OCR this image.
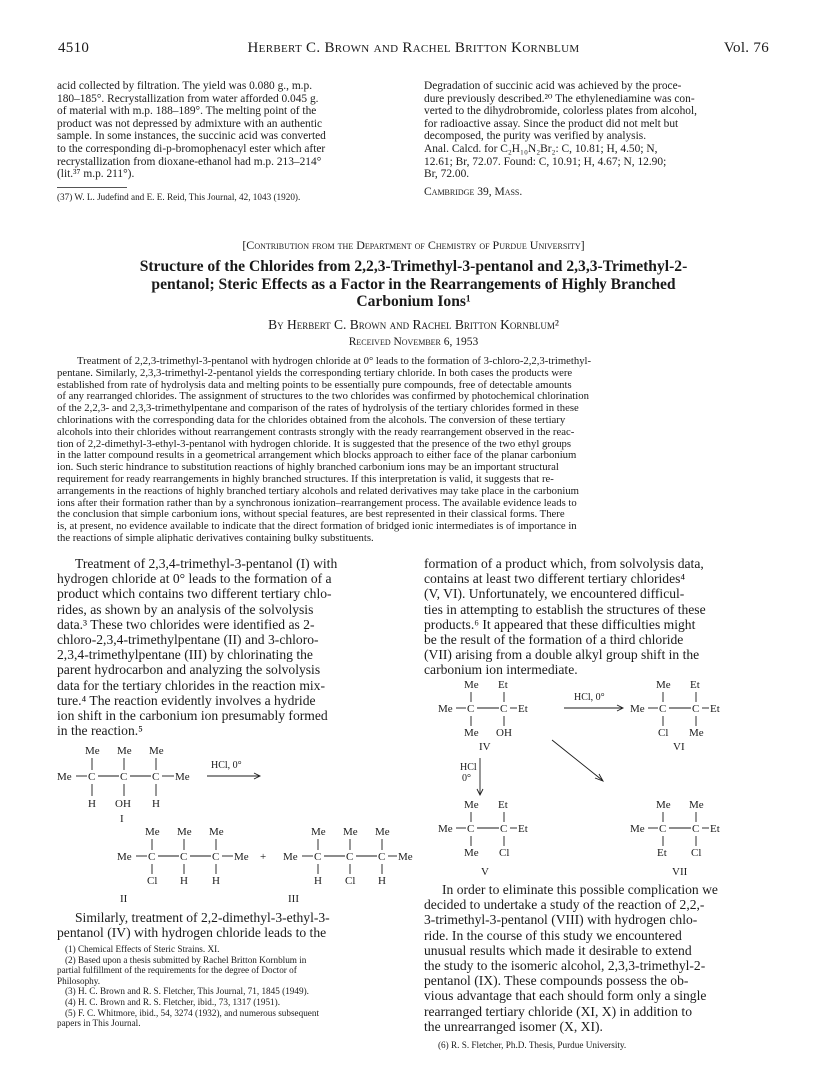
4510	Herbert C. Brown and Rachel Britton Kornblum	Vol. 76
acid collected by filtration. The yield was 0.080 g., m.p.
180–185°. Recrystallization from water afforded 0.045 g.
of material with m.p. 188–189°. The melting point of the
product was not depressed by admixture with an authentic
sample. In some instances, the succinic acid was converted
to the corresponding di-p-bromophenacyl ester which after
recrystallization from dioxane-ethanol had m.p. 213–214°
(lit.³⁷ m.p. 211°).
(37) W. L. Judefind and E. E. Reid, This Journal, 42, 1043 (1920).
Degradation of succinic acid was achieved by the proce-
dure previously described.²⁰ The ethylenediamine was con-
verted to the dihydrobromide, colorless plates from alcohol,
for radioactive assay. Since the product did not melt but
decomposed, the purity was verified by analysis.
Anal. Calcd. for C₂H₁₀N₂Br₂: C, 10.81; H, 4.50; N,
12.61; Br, 72.07. Found: C, 10.91; H, 4.67; N, 12.90;
Br, 72.00.
Cambridge 39, Mass.
[Contribution from the Department of Chemistry of Purdue University]
Structure of the Chlorides from 2,2,3-Trimethyl-3-pentanol and 2,3,3-Trimethyl-2-
pentanol; Steric Effects as a Factor in the Rearrangements of Highly Branched
Carbonium Ions¹
By Herbert C. Brown and Rachel Britton Kornblum²
Received November 6, 1953
Treatment of 2,2,3-trimethyl-3-pentanol with hydrogen chloride at 0° leads to the formation of 3-chloro-2,2,3-trimethyl-
pentane. Similarly, 2,3,3-trimethyl-2-pentanol yields the corresponding tertiary chloride. In both cases the products were
established from rate of hydrolysis data and melting points to be essentially pure compounds, free of detectable amounts
of any rearranged chlorides. The assignment of structures to the two chlorides was confirmed by photochemical chlorination
of the 2,2,3- and 2,3,3-trimethylpentane and comparison of the rates of hydrolysis of the tertiary chlorides formed in these
chlorinations with the corresponding data for the chlorides obtained from the alcohols. The conversion of these tertiary
alcohols into their chlorides without rearrangement contrasts strongly with the ready rearrangement observed in the reac-
tion of 2,2-dimethyl-3-ethyl-3-pentanol with hydrogen chloride. It is suggested that the presence of the two ethyl groups
in the latter compound results in a geometrical arrangement which blocks approach to either face of the planar carbonium
ion. Such steric hindrance to substitution reactions of highly branched carbonium ions may be an important structural
requirement for ready rearrangements in highly branched structures. If this interpretation is valid, it suggests that re-
arrangements in the reactions of highly branched tertiary alcohols and related derivatives may take place in the carbonium
ions after their formation rather than by a synchronous ionization–rearrangement process. The available evidence leads to
the conclusion that simple carbonium ions, without special features, are best represented in their classical forms. There
is, at present, no evidence available to indicate that the direct formation of bridged ionic intermediates is of importance in
the reactions of simple aliphatic derivatives containing bulky substituents.
Treatment of 2,3,4-trimethyl-3-pentanol (I) with
hydrogen chloride at 0° leads to the formation of a
product which contains two different tertiary chlo-
rides, as shown by an analysis of the solvolysis
data.³ These two chlorides were identified as 2-
chloro-2,3,4-trimethylpentane (II) and 3-chloro-
2,3,4-trimethylpentane (III) by chlorinating the
parent hydrocarbon and analyzing the solvolysis
data for the tertiary chlorides in the reaction mix-
ture.⁴ The reaction evidently involves a hydride
ion shift in the carbonium ion presumably formed
in the reaction.⁵
Me Me Me
Me C C C Me
H OH H
I
HCl, 0°
Me Me Me
Me C C C Me
Cl H H
+
Me Me Me
Me C C C Me
H Cl H
II	III
Similarly, treatment of 2,2-dimethyl-3-ethyl-3-
pentanol (IV) with hydrogen chloride leads to the
(1) Chemical Effects of Steric Strains. XI.
(2) Based upon a thesis submitted by Rachel Britton Kornblum in
partial fulfillment of the requirements for the degree of Doctor of
Philosophy.
(3) H. C. Brown and R. S. Fletcher, This Journal, 71, 1845 (1949).
(4) H. C. Brown and R. S. Fletcher, ibid., 73, 1317 (1951).
(5) F. C. Whitmore, ibid., 54, 3274 (1932), and numerous subsequent
papers in This Journal.
formation of a product which, from solvolysis data,
contains at least two different tertiary chlorides⁴
(V, VI). Unfortunately, we encountered difficul-
ties in attempting to establish the structures of these
products.⁶ It appeared that these difficulties might
be the result of the formation of a third chloride
(VII) arising from a double alkyl group shift in the
carbonium ion intermediate.
Me Et
Me C C Et
Me OH
IV
HCl, 0°
Me Et
Me C C Et
Cl Me
VI
HCl
0°
Me Et
Me C C Et
Me Cl
Me Me
Me C C Et
Et Cl
V	VII
In order to eliminate this possible complication we
decided to undertake a study of the reaction of 2,2,-
3-trimethyl-3-pentanol (VIII) with hydrogen chlo-
ride. In the course of this study we encountered
unusual results which made it desirable to extend
the study to the isomeric alcohol, 2,3,3-trimethyl-2-
pentanol (IX). These compounds possess the ob-
vious advantage that each should form only a single
rearranged tertiary chloride (XI, X) in addition to
the unrearranged isomer (X, XI).
(6) R. S. Fletcher, Ph.D. Thesis, Purdue University.
